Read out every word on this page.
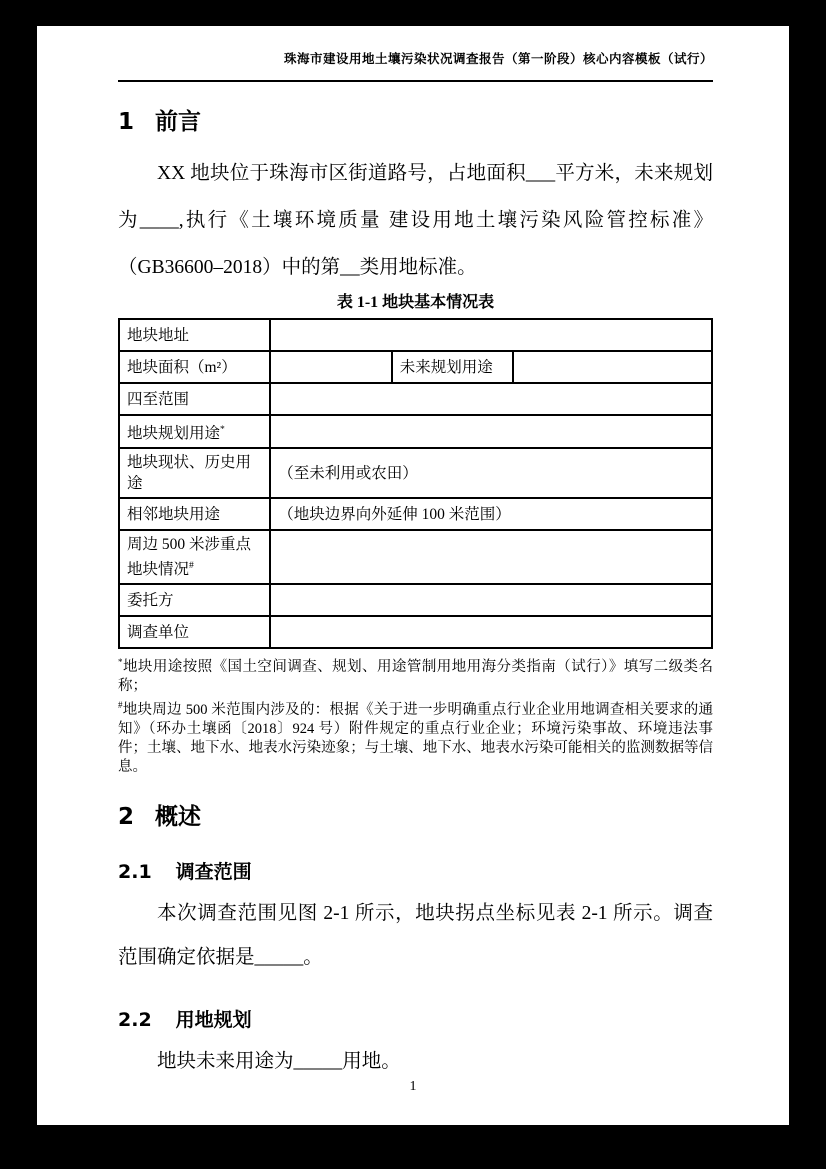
珠海市建设用地土壤污染状况调查报告（第一阶段）核心内容模板（试行）
1 前言

XX 地块位于珠海市区街道路号，占地面积___平方米，未来规划为____,执行《土壤环境质量 建设用地土壤污染风险管控标准》（GB36600–2018）中的第__类用地标准。

表 1-1 地块基本情况表
地块地址			
地块面积（m²）		未来规划用途	
四至范围			
地块规划用途*	
地块现状、历史用途	（至未利用或农田）		
相邻地块用途	（地块边界向外延伸 100 米范围）		
周边 500 米涉重点地块情况#	
委托方			
调查单位			
*地块用途按照《国土空间调查、规划、用途管制用地用海分类指南（试行）》填写二级类名称；
#地块周边 500 米范围内涉及的：根据《关于进一步明确重点行业企业用地调查相关要求的通知》（环办土壤函〔2018〕924 号）附件规定的重点行业企业；环境污染事故、环境违法事件；土壤、地下水、地表水污染迹象；与土壤、地下水、地表水污染可能相关的监测数据等信息。
2 概述
2.1 调查范围

本次调查范围见图 2-1 所示，地块拐点坐标见表 2-1 所示。调查范围确定依据是_____。

2.2 用地规划

地块未来用途为_____用地。

1
